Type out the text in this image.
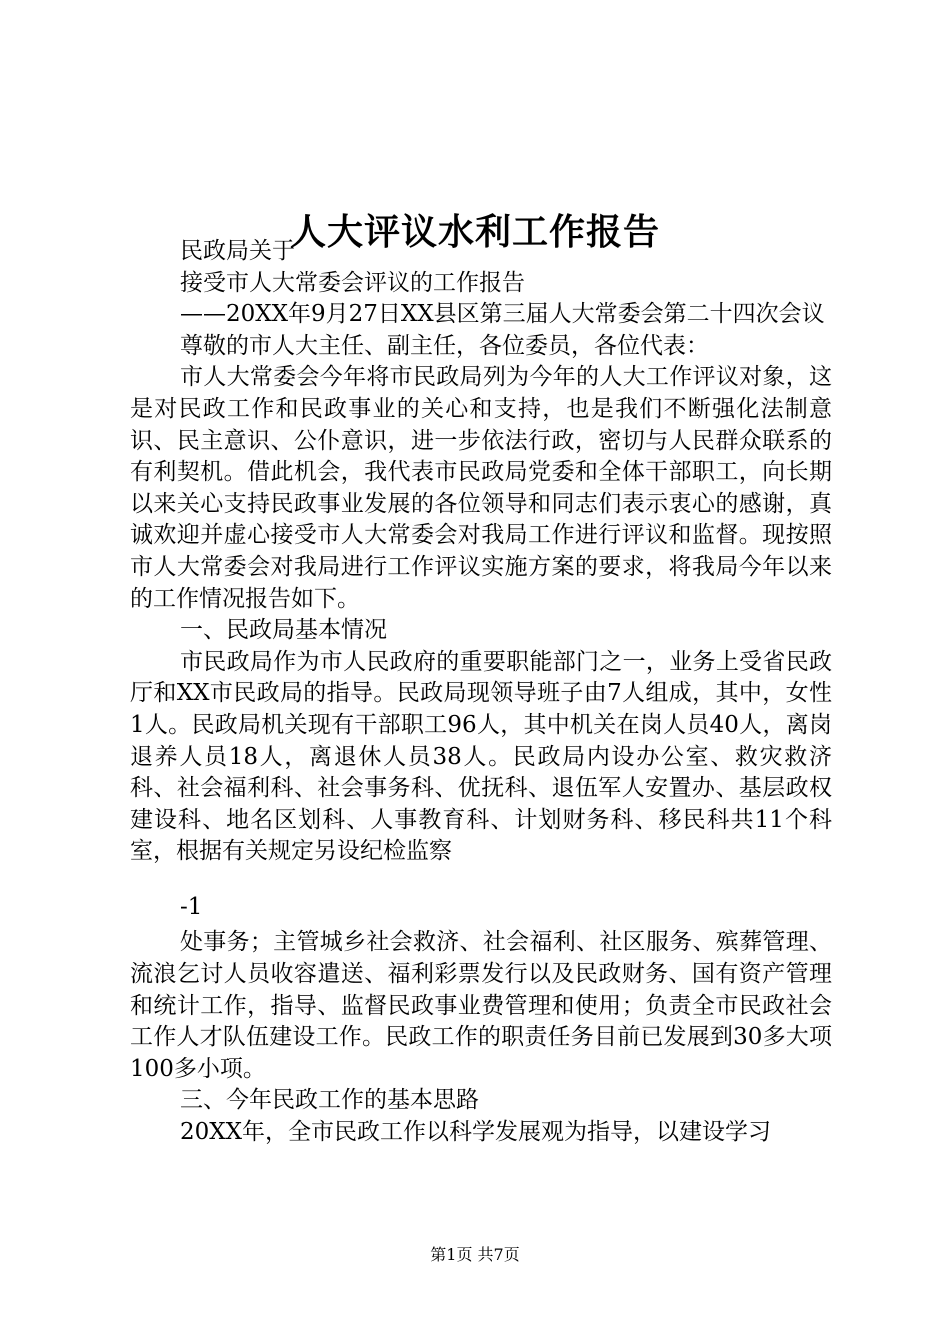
人大评议水利工作报告

民政局关于

接受市人大常委会评议的工作报告

——20XX年9月27日XX县区第三届人大常委会第二十四次会议

尊敬的市人大主任、副主任，各位委员，各位代表：

市人大常委会今年将市民政局列为今年的人大工作评议对象，这是对民政工作和民政事业的关心和支持，也是我们不断强化法制意识、民主意识、公仆意识，进一步依法行政，密切与人民群众联系的有利契机。借此机会，我代表市民政局党委和全体干部职工，向长期以来关心支持民政事业发展的各位领导和同志们表示衷心的感谢，真诚欢迎并虚心接受市人大常委会对我局工作进行评议和监督。现按照市人大常委会对我局进行工作评议实施方案的要求，将我局今年以来的工作情况报告如下。

一、民政局基本情况

市民政局作为市人民政府的重要职能部门之一，业务上受省民政厅和XX市民政局的指导。民政局现领导班子由7人组成，其中，女性1人。民政局机关现有干部职工96人，其中机关在岗人员40人，离岗退养人员18人，离退休人员38人。民政局内设办公室、救灾救济科、社会福利科、社会事务科、优抚科、退伍军人安置办、基层政权建设科、地名区划科、人事教育科、计划财务科、移民科共11个科室，根据有关规定另设纪检监察

-1

处事务；主管城乡社会救济、社会福利、社区服务、殡葬管理、流浪乞讨人员收容遣送、福利彩票发行以及民政财务、国有资产管理和统计工作，指导、监督民政事业费管理和使用；负责全市民政社会工作人才队伍建设工作。民政工作的职责任务目前已发展到30多大项100多小项。

三、今年民政工作的基本思路

20XX年，全市民政工作以科学发展观为指导，以建设学习

第1页 共7页
